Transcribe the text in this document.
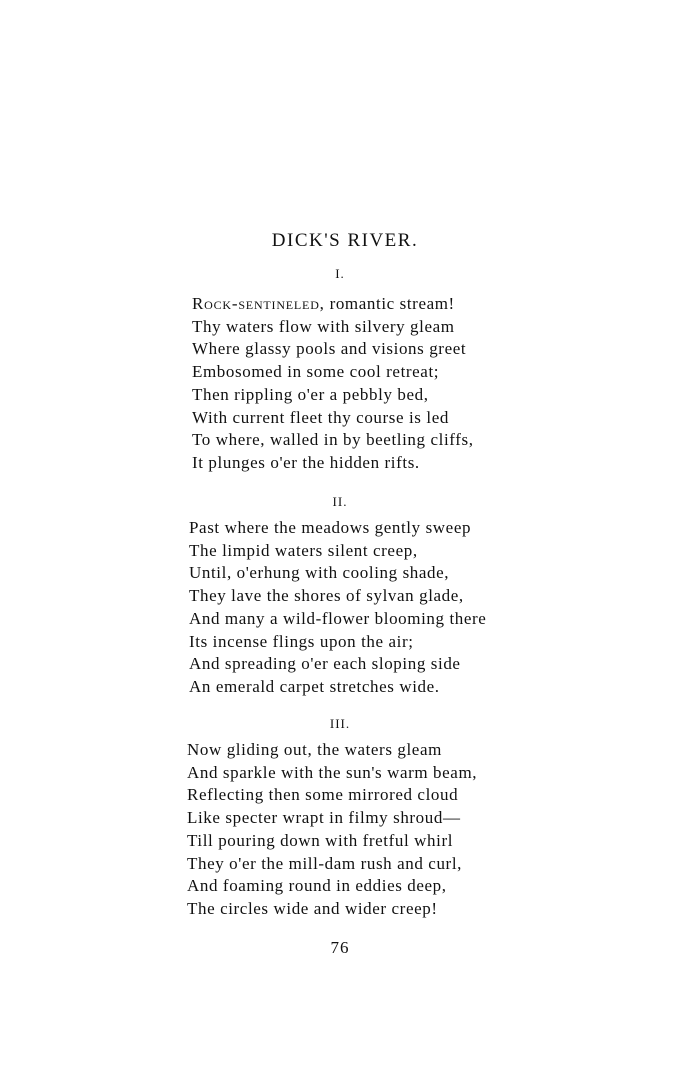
DICK'S RIVER.
I.
Rock-sentineled, romantic stream!
Thy waters flow with silvery gleam
Where glassy pools and visions greet
Embosomed in some cool retreat;
Then rippling o'er a pebbly bed,
With current fleet thy course is led
To where, walled in by beetling cliffs,
It plunges o'er the hidden rifts.
II.
Past where the meadows gently sweep
The limpid waters silent creep,
Until, o'erhung with cooling shade,
They lave the shores of sylvan glade,
And many a wild-flower blooming there
Its incense flings upon the air;
And spreading o'er each sloping side
An emerald carpet stretches wide.
III.
Now gliding out, the waters gleam
And sparkle with the sun's warm beam,
Reflecting then some mirrored cloud
Like specter wrapt in filmy shroud—
Till pouring down with fretful whirl
They o'er the mill-dam rush and curl,
And foaming round in eddies deep,
The circles wide and wider creep!
76
